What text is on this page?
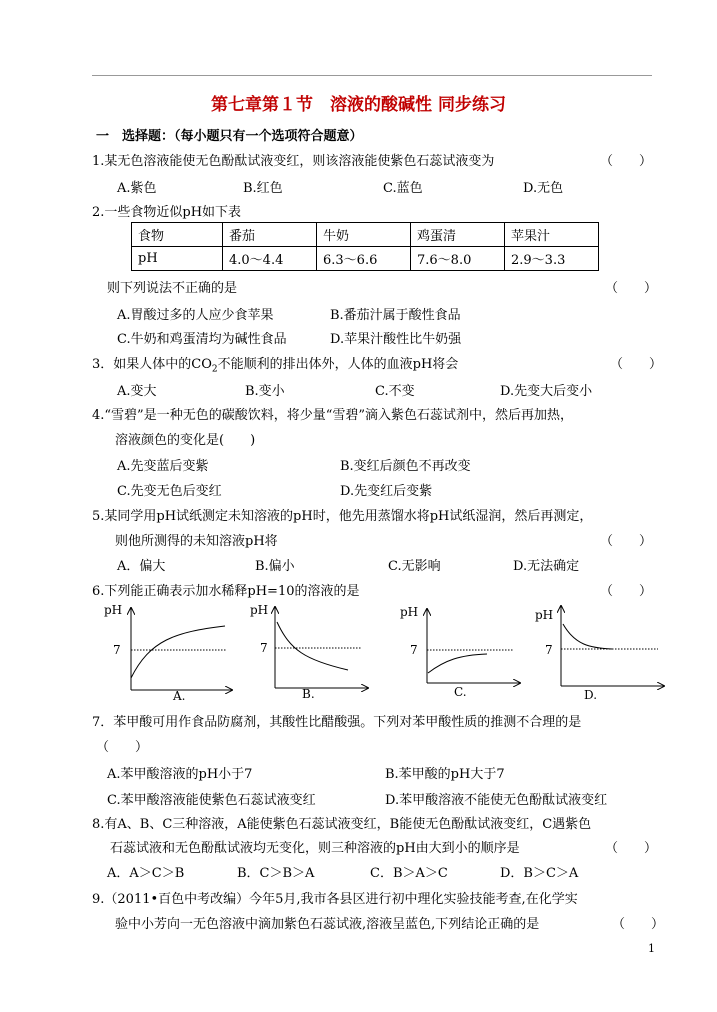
第七章第１节　溶液的酸碱性 同步练习
一　选择题：（每小题只有一个选项符合题意）
1.某无色溶液能使无色酚酞试液变红，则该溶液能使紫色石蕊试液变为	（　　）
A.紫色	B.红色	C.蓝色	D.无色
2.一些食物近似pH如下表
食物	番茄	牛奶	鸡蛋清	苹果汁
pH	4.0～4.4	6.3～6.6	7.6～8.0	2.9～3.3
则下列说法不正确的是	（　　）
A.胃酸过多的人应少食苹果	B.番茄汁属于酸性食品
C.牛奶和鸡蛋清均为碱性食品	D.苹果汁酸性比牛奶强
3．如果人体中的$CO_2$不能顺利的排出体外，人体的血液pH将会	（　　）
A.变大	B.变小	C.不变	D.先变大后变小
4.“雪碧”是一种无色的碳酸饮料，将少量“雪碧”滴入紫色石蕊试剂中，然后再加热，
溶液颜色的变化是(　　)
A.先变蓝后变紫	B.变红后颜色不再改变
C.先变无色后变红	D.先变红后变紫
5.某同学用pH试纸测定未知溶液的pH时，他先用蒸馏水将pH试纸湿润，然后再测定，
则他所测得的未知溶液pH将	（　　）
A．偏大	B.偏小	C.无影响	D.无法确定
6.下列能正确表示加水稀释pH=10的溶液的是	（　　）
pH
7
A.
pH
7
B.
pH
7
C.
pH
7
D.
7．苯甲酸可用作食品防腐剂，其酸性比醋酸强。下列对苯甲酸性质的推测不合理的是
（　　）
A.苯甲酸溶液的pH小于7	B.苯甲酸的pH大于7
C.苯甲酸溶液能使紫色石蕊试液变红	D.苯甲酸溶液不能使无色酚酞试液变红
8.有A、B、C三种溶液，A能使紫色石蕊试液变红，B能使无色酚酞试液变红，C遇紫色
石蕊试液和无色酚酞试液均无变化，则三种溶液的pH由大到小的顺序是	（　　）
A．A＞C＞B	B．C＞B＞A	C．B＞A＞C	D．B＞C＞A
9.（2011•百色中考改编）今年5月,我市各县区进行初中理化实验技能考查,在化学实
验中小芳向一无色溶液中滴加紫色石蕊试液,溶液呈蓝色,下列结论正确的是	（　　）
1
